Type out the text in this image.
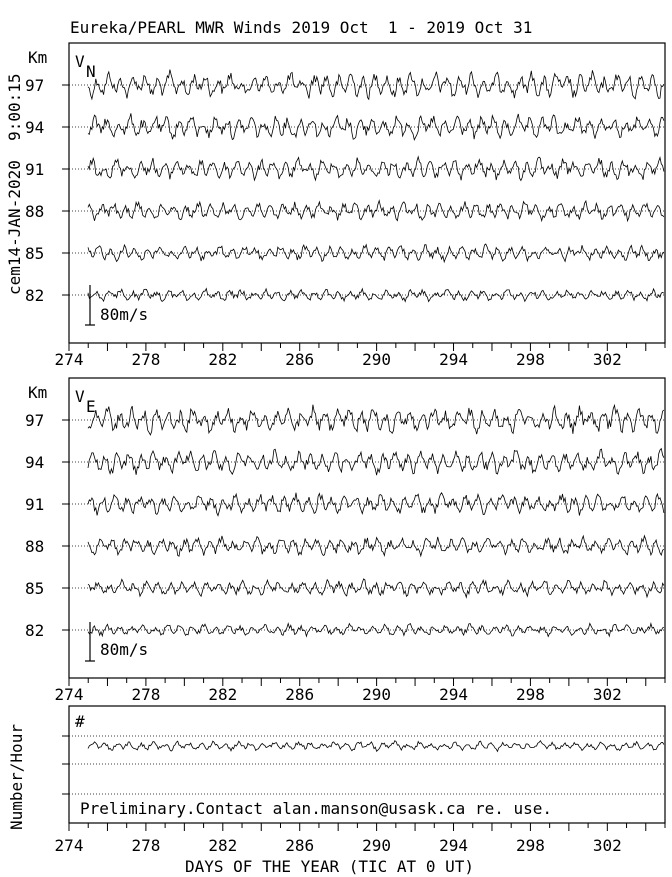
Eureka/PEARL MWR Winds 2019 Oct  1 - 2019 Oct 31
cem14-JAN-2020  9:00:15
Km V
N
80m/s
97
94
91
88
85
82
274	278	282	286	290	294	298	302
Km V
E
80m/s
97
94
91
88
85
82
274	278	282	286	290	294	298	302
Number/Hour
#
Preliminary.Contact alan.manson@usask.ca re. use.
274	278	282	286	290	294	298	302
DAYS OF THE YEAR (TIC AT 0 UT)
